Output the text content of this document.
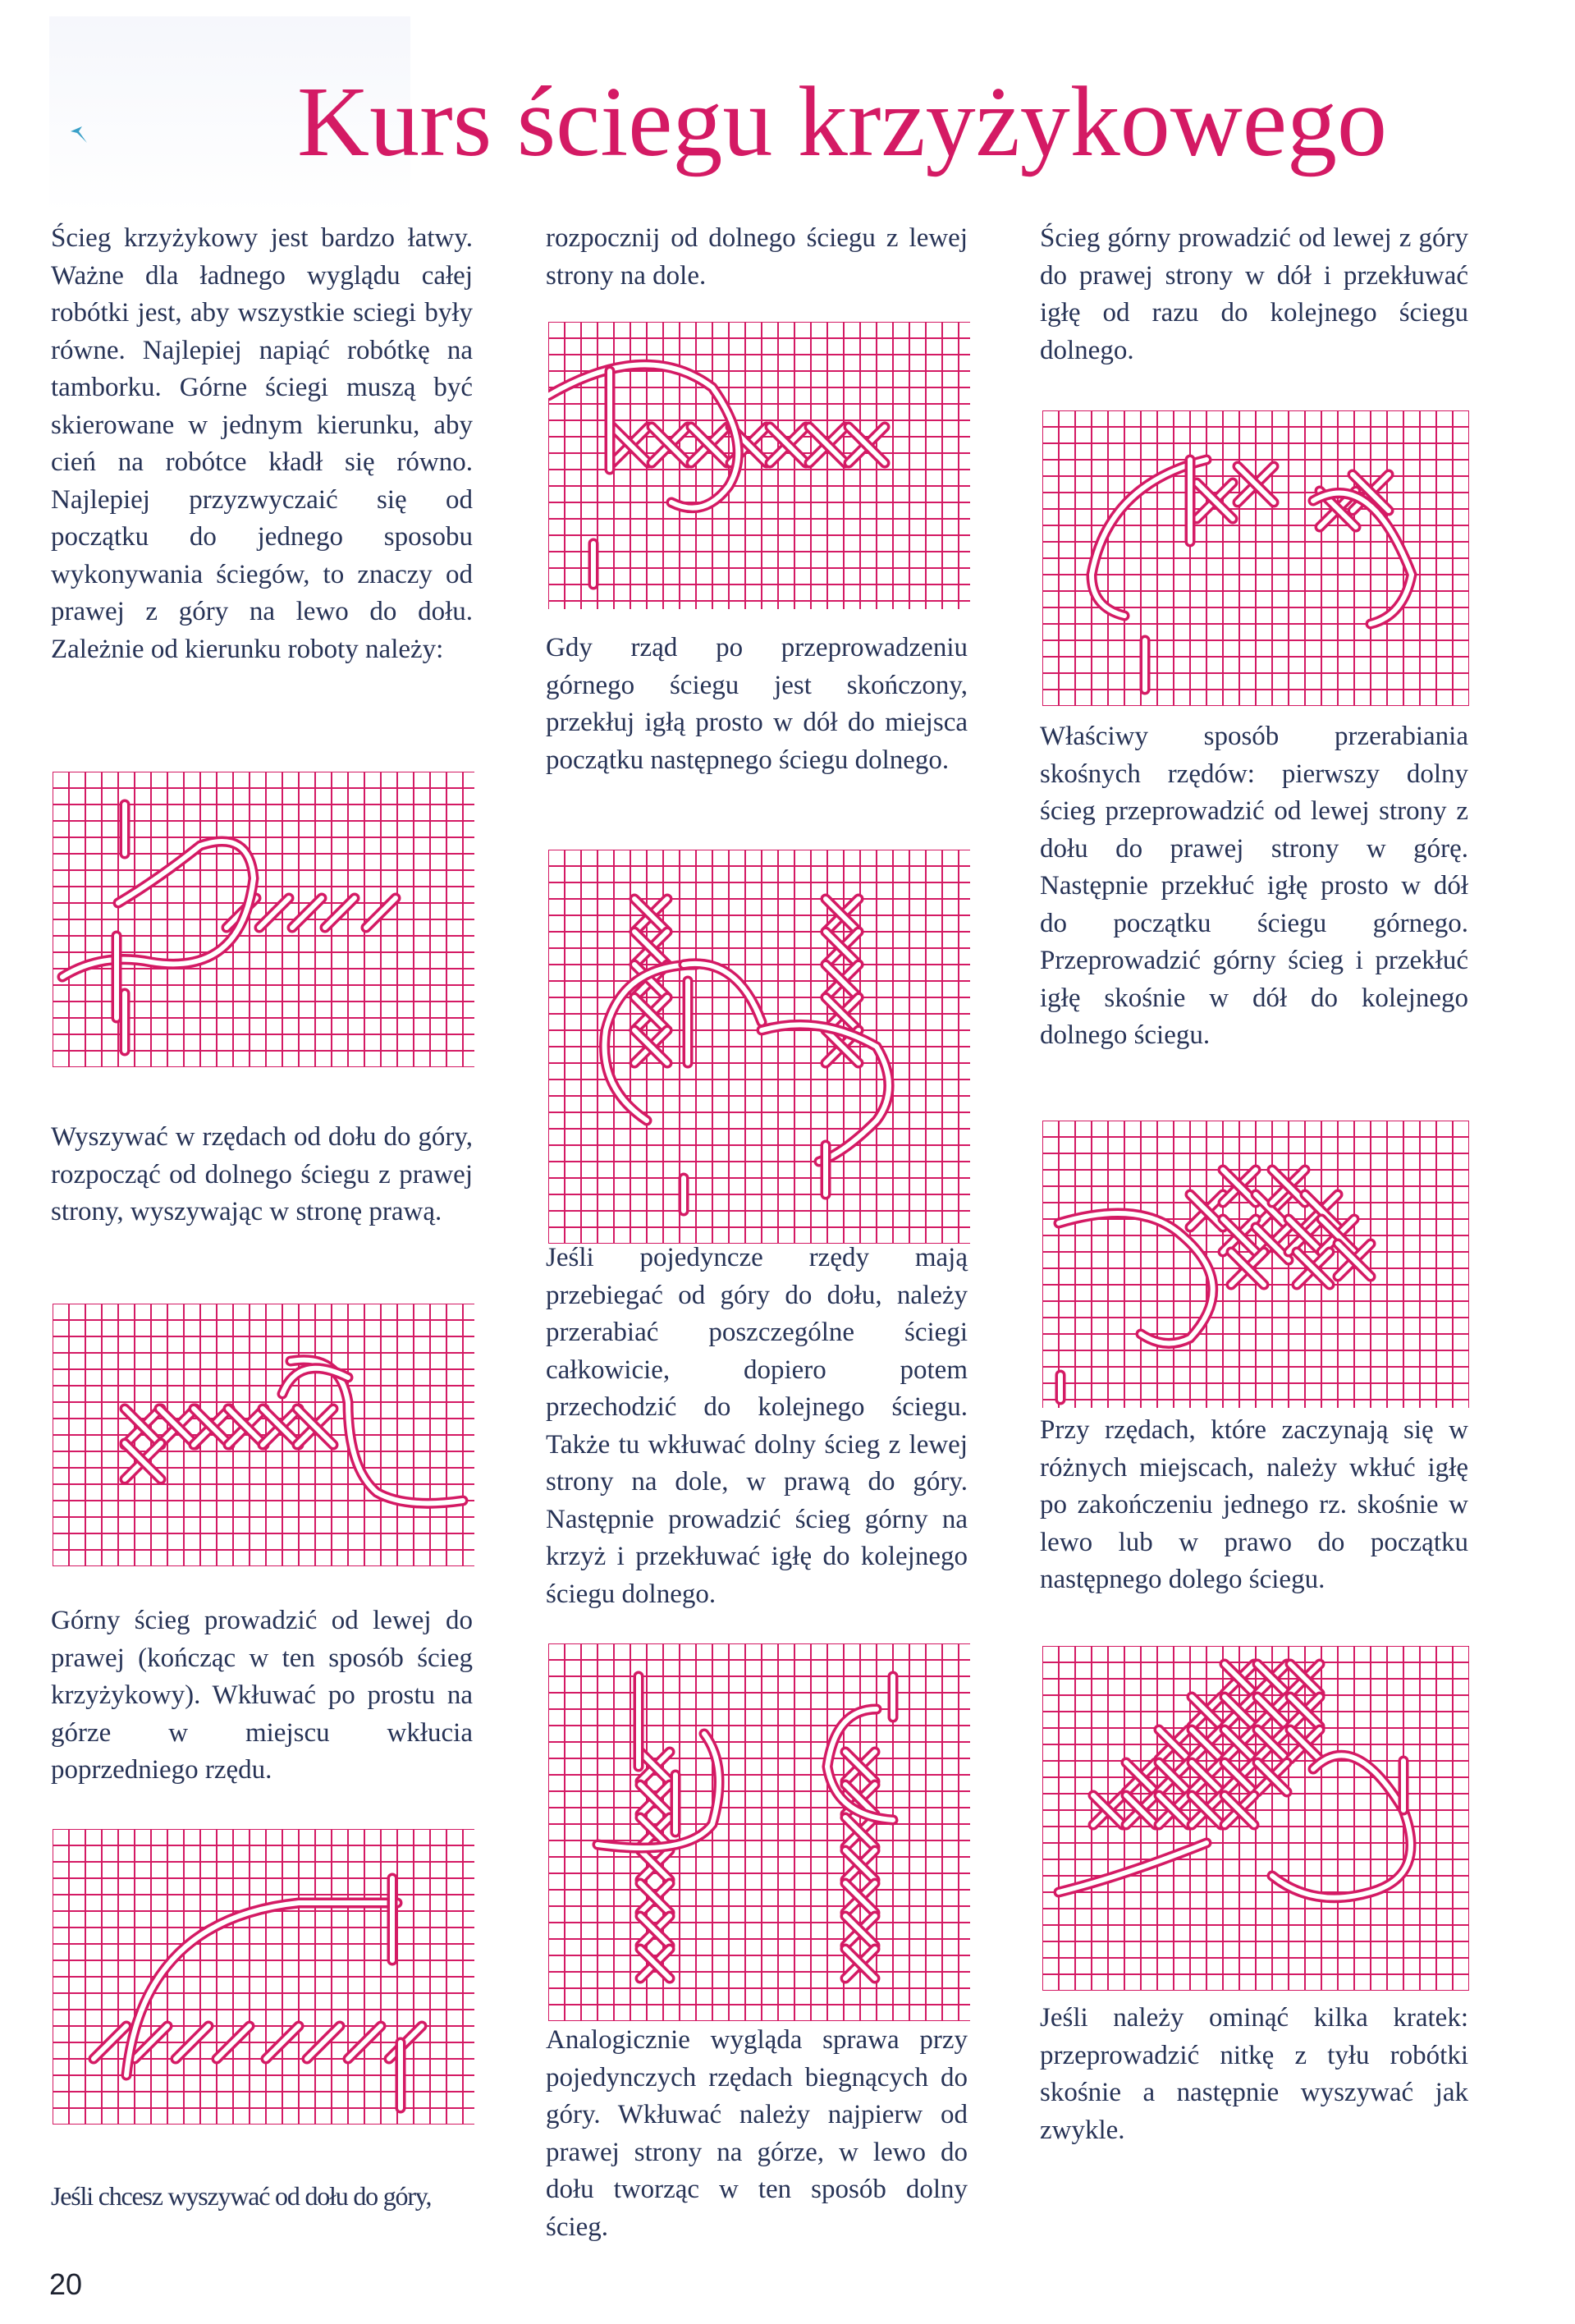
Kurs ściegu krzyżykowego

Ścieg krzyżykowy jest bardzo łatwy. Ważne dla ładnego wyglądu całej robótki jest, aby wszystkie sciegi były równe. Najlepiej napiąć robótkę na tamborku. Górne ściegi muszą być skierowane w jednym kierunku, aby cień na robótce kładł się równo. Najlepiej przyzwyczaić się od początku do jednego sposobu wykonywania ściegów, to znaczy od prawej z góry na lewo do dołu. Zależnie od kierunku roboty należy:

Wyszywać w rzędach od dołu do góry, rozpocząć od dolnego ściegu z prawej strony, wyszywając w stronę prawą.

Górny ścieg prowadzić od lewej do prawej (kończąc w ten sposób ścieg krzyżykowy). Wkłuwać po prostu na górze w miejscu wkłucia poprzedniego rzędu.

Jeśli chcesz wyszywać od dołu do góry,

rozpocznij od dolnego ściegu z lewej strony na dole.

Gdy rząd po przeprowadzeniu górnego ściegu jest skończony, przekłuj igłą prosto w dół do miejsca początku następnego ściegu dolnego.

Jeśli pojedyncze rzędy mają przebiegać od góry do dołu, należy przerabiać poszczególne ściegi całkowicie, dopiero potem przechodzić do kolejnego ściegu. Także tu wkłuwać dolny ścieg z lewej strony na dole, w prawą do góry. Następnie prowadzić ścieg górny na krzyż i przekłuwać igłę do kolejnego ściegu dolnego.

Analogicznie wygląda sprawa przy pojedynczych rzędach biegnących do góry. Wkłuwać należy najpierw od prawej strony na górze, w lewo do dołu tworząc w ten sposób dolny ścieg.

Ścieg górny prowadzić od lewej z góry do prawej strony w dół i przekłuwać igłę od razu do kolejnego ściegu dolnego.

Właściwy sposób przerabiania skośnych rzędów: pierwszy dolny ścieg przeprowadzić od lewej strony z dołu do prawej strony w górę. Następnie przekłuć igłę prosto w dół do początku ściegu górnego. Przeprowadzić górny ścieg i przekłuć igłę skośnie w dół do kolejnego dolnego ściegu.

Przy rzędach, które zaczynają się w różnych miejscach, należy wkłuć igłę po zakończeniu jednego rz. skośnie w lewo lub w prawo do początku następnego dolego ściegu.

Jeśli należy ominąć kilka kratek: przeprowadzić nitkę z tyłu robótki skośnie a następnie wyszywać jak zwykle.

20
